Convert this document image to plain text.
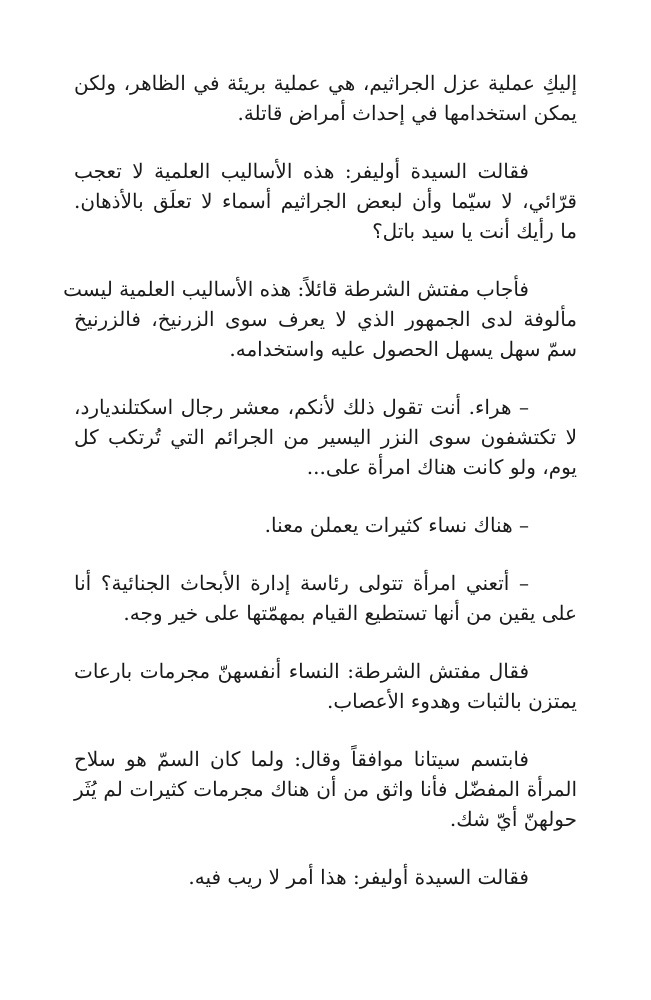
إليكِ عملية عزل الجراثيم، هي عملية بريئة في الظاهر، ولكن
يمكن استخدامها في إحداث أمراض قاتلة.

فقالت السيدة أوليفر: هذه الأساليب العلمية لا تعجب
قرّائي، لا سيّما وأن لبعض الجراثيم أسماء لا تعلَق بالأذهان.
ما رأيك أنت يا سيد باتل؟

فأجاب مفتش الشرطة قائلاً: هذه الأساليب العلمية ليست
مألوفة لدى الجمهور الذي لا يعرف سوى الزرنيخ، فالزرنيخ
سمّ سهل يسهل الحصول عليه واستخدامه.

– هراء. أنت تقول ذلك لأنكم، معشر رجال اسكتلنديارد،
لا تكتشفون سوى النزر اليسير من الجرائم التي تُرتكب كل
يوم، ولو كانت هناك امرأة على...

– هناك نساء كثيرات يعملن معنا.

– أتعني امرأة تتولى رئاسة إدارة الأبحاث الجنائية؟ أنا
على يقين من أنها تستطيع القيام بمهمّتها على خير وجه.

فقال مفتش الشرطة: النساء أنفسهنّ مجرمات بارعات
يمتزن بالثبات وهدوء الأعصاب.

فابتسم سيتانا موافقاً وقال: ولما كان السمّ هو سلاح
المرأة المفضّل فأنا واثق من أن هناك مجرمات كثيرات لم يُثَر
حولهنّ أيّ شك.

فقالت السيدة أوليفر: هذا أمر لا ريب فيه.
